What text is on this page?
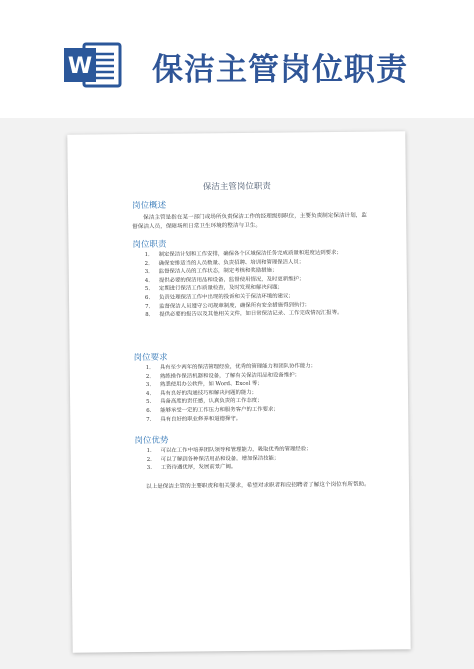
W 保洁主管岗位职责
保洁主管岗位职责
岗位概述
保洁主管是指在某一部门或场所负责保洁工作的经理级别职位，主要负责制定保洁计划，监督保洁人员，保障场所日常卫生环境的整洁与卫生。
岗位职责
1. 制定保洁计划和工作安排，确保各个区域保洁任务完成质量和进度达到要求；
2. 确保安排适当的人员数量、负责招聘、培训和管理保洁人员；
3. 监督保洁人员的工作状态，制定考核和奖励措施；
4. 提供必要的保洁用品和设备，监督使用情况，及时更新维护；
5. 定期进行保洁工作质量检查，及时发现和解决问题；
6. 负责处理保洁工作中出现的投诉和关于保洁环境的建议；
7. 监督保洁人员遵守公司规章制度，确保所有安全措施得到执行；
8. 提供必要的报告以及其他相关文件，如日常保洁记录、工作完成情况汇报等。
岗位要求
1. 具有至少两年的保洁管理经验，优秀的管理能力和团队协作能力；
2. 熟练操作保洁机器和设备，了解有关保洁用品和设备维护；
3. 熟悉使用办公软件，如 Word、Excel 等；
4. 具有良好的沟通技巧和解决问题的能力；
5. 具备高度的责任感，认真负责的工作态度；
6. 能够承受一定的工作压力和服务客户的工作要求；
7. 具有良好的职业修养和道德操守。
岗位优势
1. 可以在工作中培养团队领导和管理能力，吸取优秀的管理经验；
2. 可以了解到各种保洁用品和设备，增加保洁技能；
3. 工资待遇优厚，发展前景广阔。
以上是保洁主管的主要职责和相关要求，希望对求职者和应招聘者了解这个岗位有所帮助。
